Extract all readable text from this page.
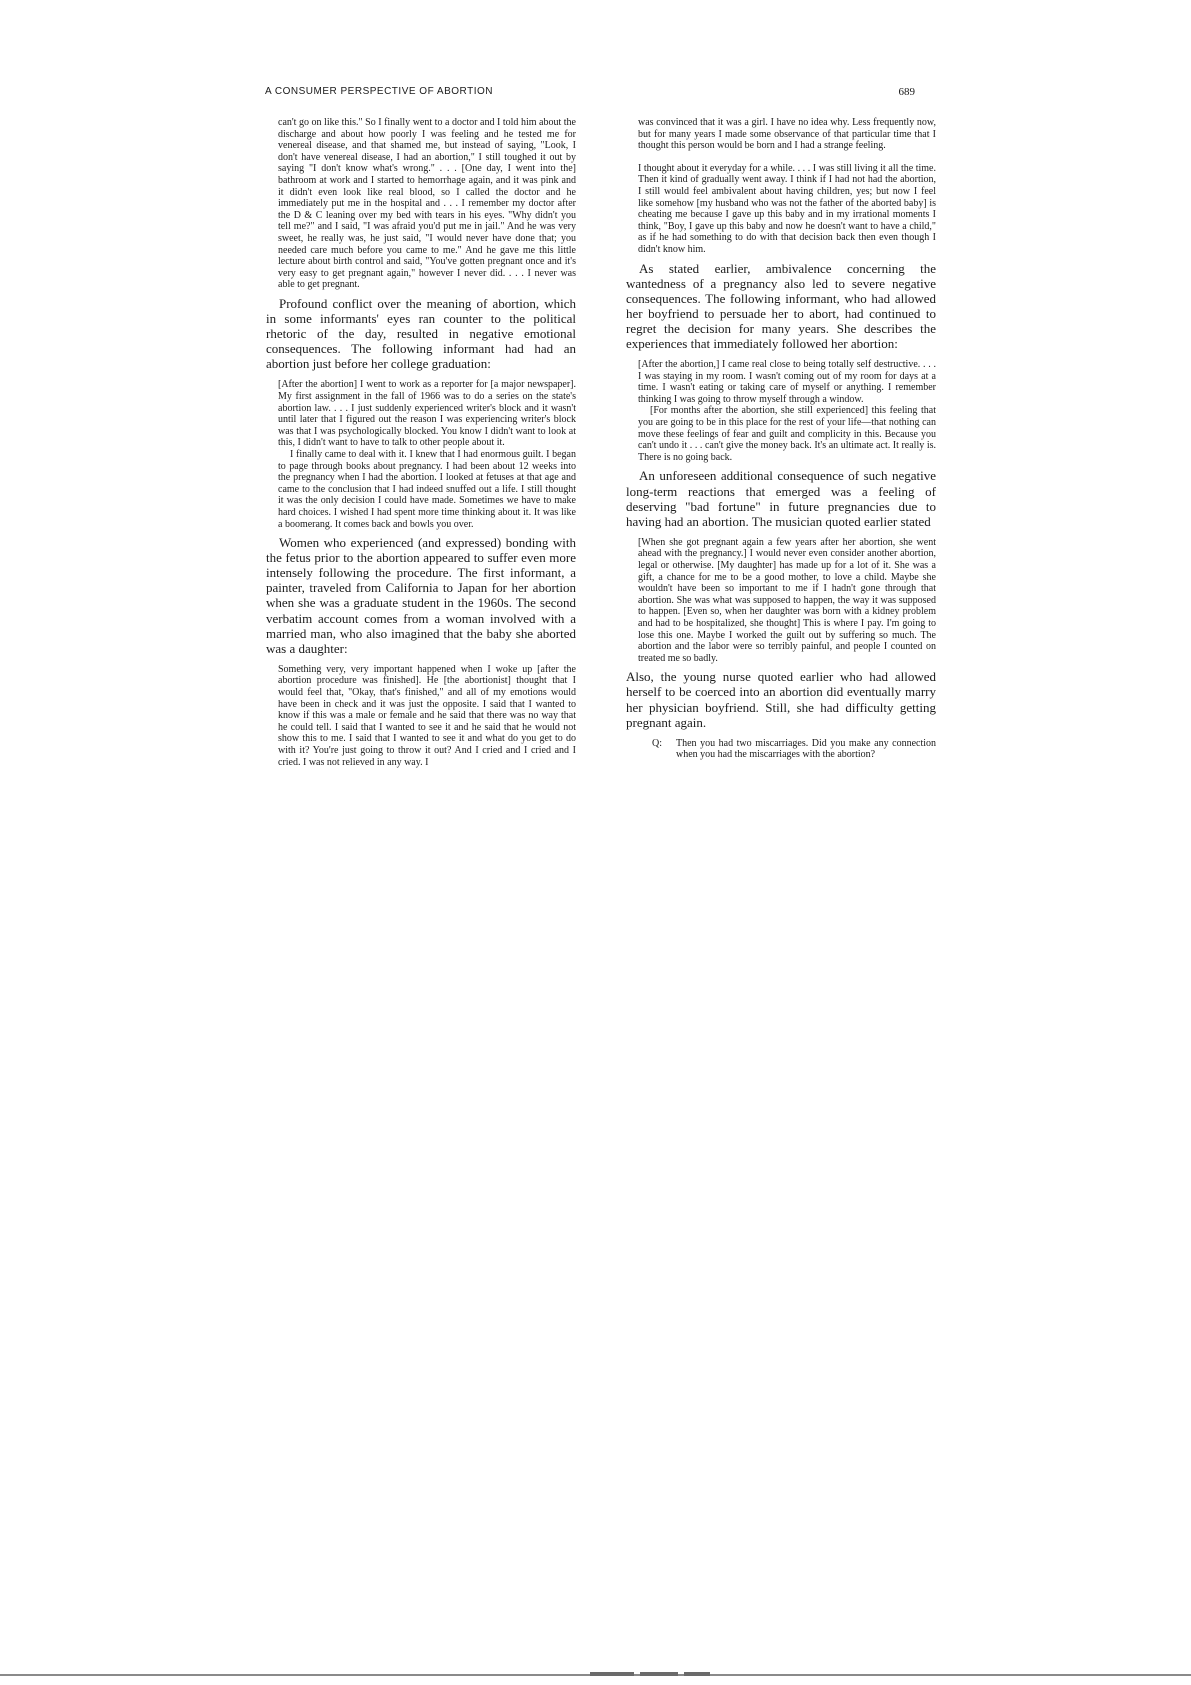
A CONSUMER PERSPECTIVE OF ABORTION	689

can't go on like this." So I finally went to a doctor and I told him about the discharge and about how poorly I was feeling and he tested me for venereal disease, and that shamed me, but instead of saying, "Look, I don't have venereal disease, I had an abortion," I still toughed it out by saying "I don't know what's wrong." . . . [One day, I went into the] bathroom at work and I started to hemorrhage again, and it was pink and it didn't even look like real blood, so I called the doctor and he immediately put me in the hospital and . . . I remember my doctor after the D & C leaning over my bed with tears in his eyes. "Why didn't you tell me?" and I said, "I was afraid you'd put me in jail." And he was very sweet, he really was, he just said, "I would never have done that; you needed care much before you came to me." And he gave me this little lecture about birth control and said, "You've gotten pregnant once and it's very easy to get pregnant again," however I never did. . . . I never was able to get pregnant.

Profound conflict over the meaning of abortion, which in some informants' eyes ran counter to the political rhetoric of the day, resulted in negative emotional consequences. The following informant had had an abortion just before her college graduation:

[After the abortion] I went to work as a reporter for [a major newspaper]. My first assignment in the fall of 1966 was to do a series on the state's abortion law. . . . I just suddenly experienced writer's block and it wasn't until later that I figured out the reason I was experiencing writer's block was that I was psychologically blocked. You know I didn't want to look at this, I didn't want to have to talk to other people about it.
I finally came to deal with it. I knew that I had enormous guilt. I began to page through books about pregnancy. I had been about 12 weeks into the pregnancy when I had the abortion. I looked at fetuses at that age and came to the conclusion that I had indeed snuffed out a life. I still thought it was the only decision I could have made. Sometimes we have to make hard choices. I wished I had spent more time thinking about it. It was like a boomerang. It comes back and bowls you over.

Women who experienced (and expressed) bonding with the fetus prior to the abortion appeared to suffer even more intensely following the procedure. The first informant, a painter, traveled from California to Japan for her abortion when she was a graduate student in the 1960s. The second verbatim account comes from a woman involved with a married man, who also imagined that the baby she aborted was a daughter:

Something very, very important happened when I woke up [after the abortion procedure was finished]. He [the abortionist] thought that I would feel that, "Okay, that's finished," and all of my emotions would have been in check and it was just the opposite. I said that I wanted to know if this was a male or female and he said that there was no way that he could tell. I said that I wanted to see it and he said that he would not show this to me. I said that I wanted to see it and what do you get to do with it? You're just going to throw it out? And I cried and I cried and I cried. I was not relieved in any way. I

was convinced that it was a girl. I have no idea why. Less frequently now, but for many years I made some observance of that particular time that I thought this person would be born and I had a strange feeling.

I thought about it everyday for a while. . . . I was still living it all the time. Then it kind of gradually went away. I think if I had not had the abortion, I still would feel ambivalent about having children, yes; but now I feel like somehow [my husband who was not the father of the aborted baby] is cheating me because I gave up this baby and in my irrational moments I think, "Boy, I gave up this baby and now he doesn't want to have a child," as if he had something to do with that decision back then even though I didn't know him.

As stated earlier, ambivalence concerning the wantedness of a pregnancy also led to severe negative consequences. The following informant, who had allowed her boyfriend to persuade her to abort, had continued to regret the decision for many years. She describes the experiences that immediately followed her abortion:

[After the abortion,] I came real close to being totally self destructive. . . . I was staying in my room. I wasn't coming out of my room for days at a time. I wasn't eating or taking care of myself or anything. I remember thinking I was going to throw myself through a window.
[For months after the abortion, she still experienced] this feeling that you are going to be in this place for the rest of your life—that nothing can move these feelings of fear and guilt and complicity in this. Because you can't undo it . . . can't give the money back. It's an ultimate act. It really is. There is no going back.

An unforeseen additional consequence of such negative long-term reactions that emerged was a feeling of deserving "bad fortune" in future pregnancies due to having had an abortion. The musician quoted earlier stated

[When she got pregnant again a few years after her abortion, she went ahead with the pregnancy.] I would never even consider another abortion, legal or otherwise. [My daughter] has made up for a lot of it. She was a gift, a chance for me to be a good mother, to love a child. Maybe she wouldn't have been so important to me if I hadn't gone through that abortion. She was what was supposed to happen, the way it was supposed to happen. [Even so, when her daughter was born with a kidney problem and had to be hospitalized, she thought] This is where I pay. I'm going to lose this one. Maybe I worked the guilt out by suffering so much. The abortion and the labor were so terribly painful, and people I counted on treated me so badly.

Also, the young nurse quoted earlier who had allowed herself to be coerced into an abortion did eventually marry her physician boyfriend. Still, she had difficulty getting pregnant again.

Q:	Then you had two miscarriages. Did you make any connection when you had the miscarriages with the abortion?
